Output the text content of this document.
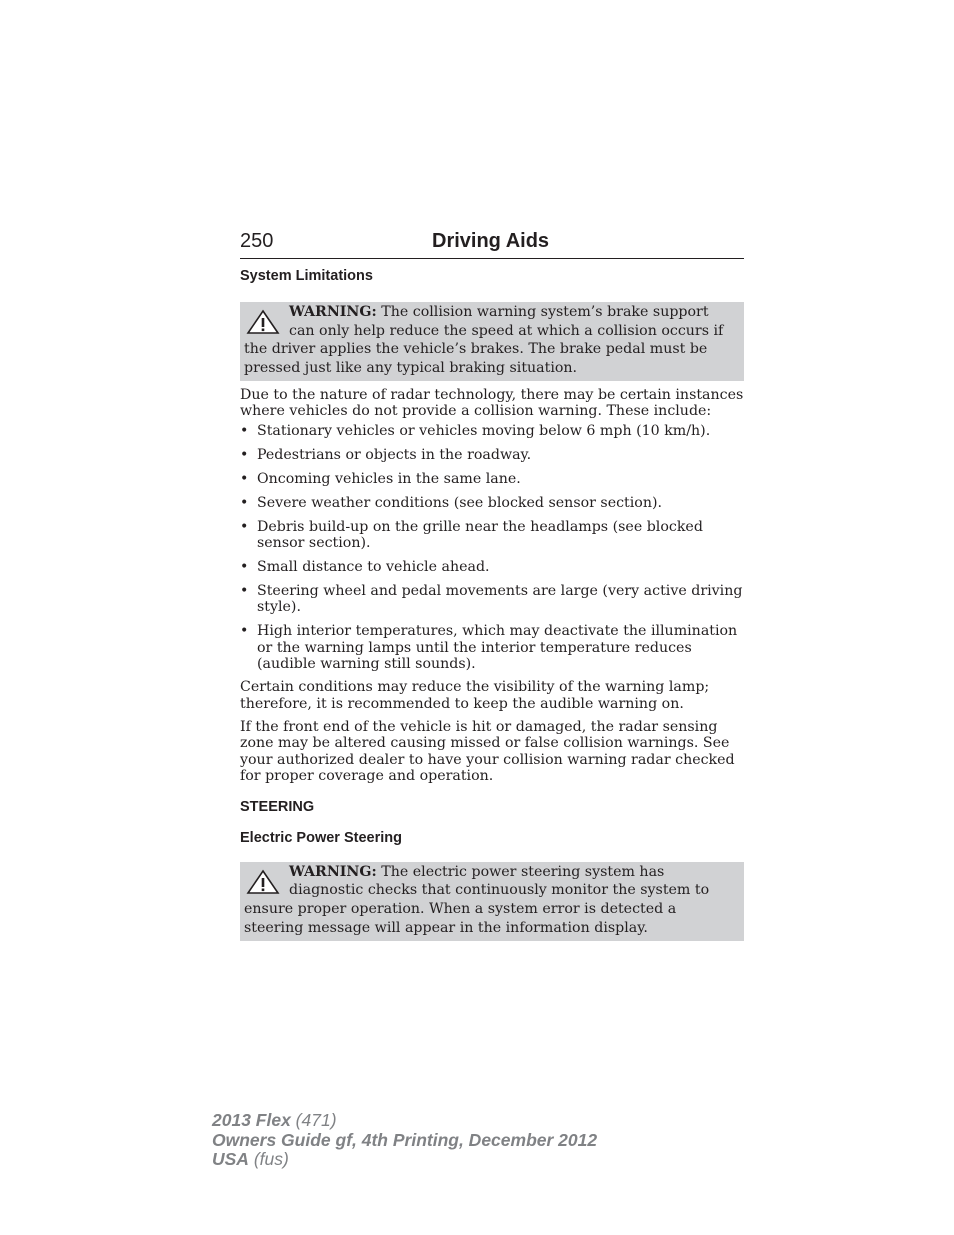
250	Driving Aids
System Limitations

WARNING: The collision warning system’s brake support can only help reduce the speed at which a collision occurs if the driver applies the vehicle’s brakes. The brake pedal must be pressed just like any typical braking situation.

Due to the nature of radar technology, there may be certain instances where vehicles do not provide a collision warning. These include:

• Stationary vehicles or vehicles moving below 6 mph (10 km/h).
• Pedestrians or objects in the roadway.
• Oncoming vehicles in the same lane.
• Severe weather conditions (see blocked sensor section).
• Debris build-up on the grille near the headlamps (see blocked sensor section).
• Small distance to vehicle ahead.
• Steering wheel and pedal movements are large (very active driving style).
• High interior temperatures, which may deactivate the illumination or the warning lamps until the interior temperature reduces (audible warning still sounds).

Certain conditions may reduce the visibility of the warning lamp; therefore, it is recommended to keep the audible warning on.

If the front end of the vehicle is hit or damaged, the radar sensing zone may be altered causing missed or false collision warnings. See your authorized dealer to have your collision warning radar checked for proper coverage and operation.

STEERING
Electric Power Steering

WARNING: The electric power steering system has diagnostic checks that continuously monitor the system to ensure proper operation. When a system error is detected a steering message will appear in the information display.

2013 Flex (471)
Owners Guide gf, 4th Printing, December 2012
USA (fus)
